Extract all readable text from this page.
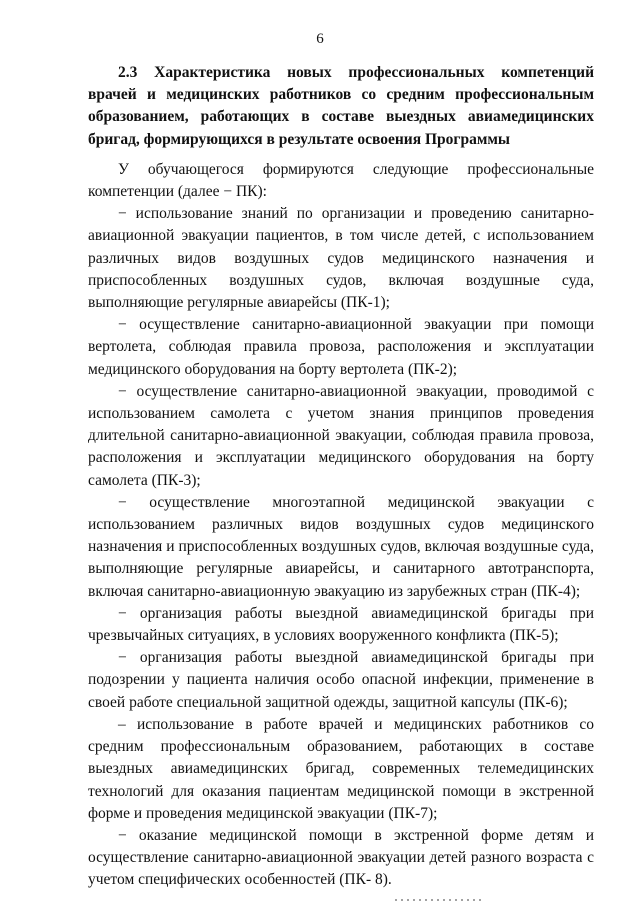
6

2.3 Характеристика новых профессиональных компетенций врачей и медицинских работников со средним профессиональным образованием, работающих в составе выездных авиамедицинских бригад, формирующихся в результате освоения Программы

У обучающегося формируются следующие профессиональные компетенции (далее − ПК):

− использование знаний по организации и проведению санитарно-авиационной эвакуации пациентов, в том числе детей, с использованием различных видов воздушных судов медицинского назначения и приспособленных воздушных судов, включая воздушные суда, выполняющие регулярные авиарейсы (ПК-1);

− осуществление санитарно-авиационной эвакуации при помощи вертолета, соблюдая правила провоза, расположения и эксплуатации медицинского оборудования на борту вертолета (ПК-2);

− осуществление санитарно-авиационной эвакуации, проводимой с использованием самолета с учетом знания принципов проведения длительной санитарно-авиационной эвакуации, соблюдая правила провоза, расположения и эксплуатации медицинского оборудования на борту самолета (ПК-3);

− осуществление многоэтапной медицинской эвакуации с использованием различных видов воздушных судов медицинского назначения и приспособленных воздушных судов, включая воздушные суда, выполняющие регулярные авиарейсы, и санитарного автотранспорта, включая санитарно-авиационную эвакуацию из зарубежных стран (ПК-4);

− организация работы выездной авиамедицинской бригады при чрезвычайных ситуациях, в условиях вооруженного конфликта (ПК-5);

− организация работы выездной авиамедицинской бригады при подозрении у пациента наличия особо опасной инфекции, применение в своей работе специальной защитной одежды, защитной капсулы (ПК-6);

– использование в работе врачей и медицинских работников со средним профессиональным образованием, работающих в составе выездных авиамедицинских бригад, современных телемедицинских технологий для оказания пациентам медицинской помощи в экстренной форме и проведения медицинской эвакуации (ПК-7);

− оказание медицинской помощи в экстренной форме детям и осуществление санитарно-авиационной эвакуации детей разного возраста с учетом специфических особенностей (ПК- 8).
